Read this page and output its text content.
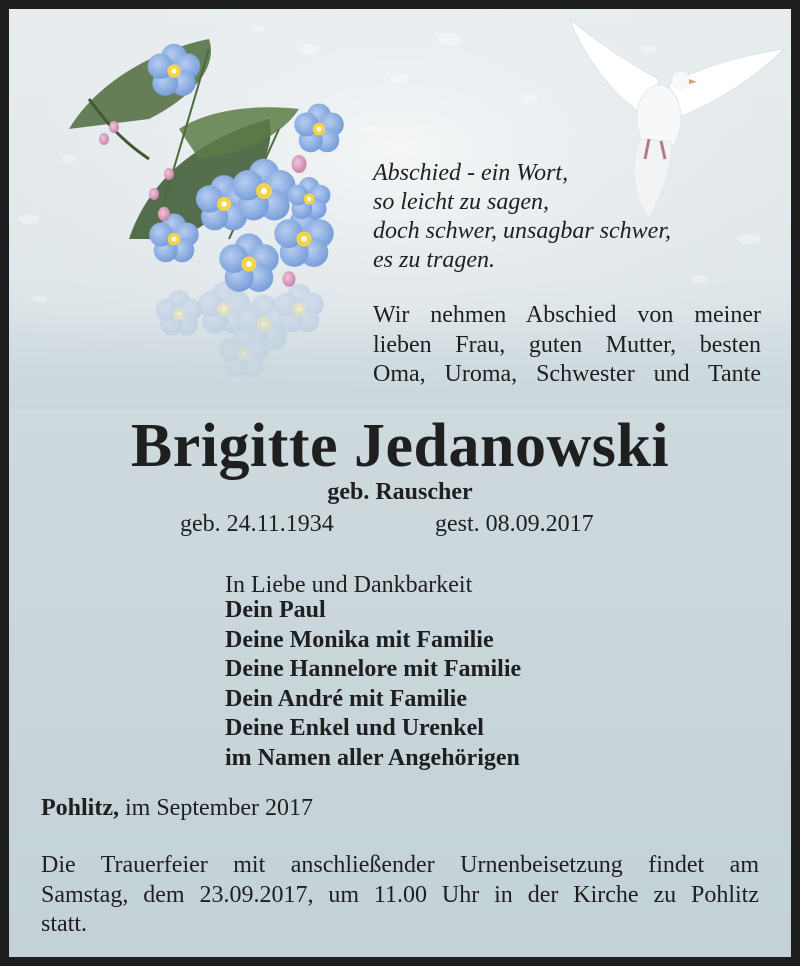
Abschied - ein Wort,
so leicht zu sagen,
doch schwer, unsagbar schwer,
es zu tragen.
Wir nehmen Abschied von meiner
lieben Frau, guten Mutter, besten
Oma, Uroma, Schwester und Tante
Brigitte Jedanowski
geb. Rauscher
geb. 24.11.1934	gest. 08.09.2017
In Liebe und Dankbarkeit
Dein Paul
Deine Monika mit Familie
Deine Hannelore mit Familie
Dein André mit Familie
Deine Enkel und Urenkel
im Namen aller Angehörigen
Pohlitz, im September 2017
Die Trauerfeier mit anschließender Urnenbeisetzung findet am
Samstag, dem 23.09.2017, um 11.00 Uhr in der Kirche zu Pohlitz
statt.
